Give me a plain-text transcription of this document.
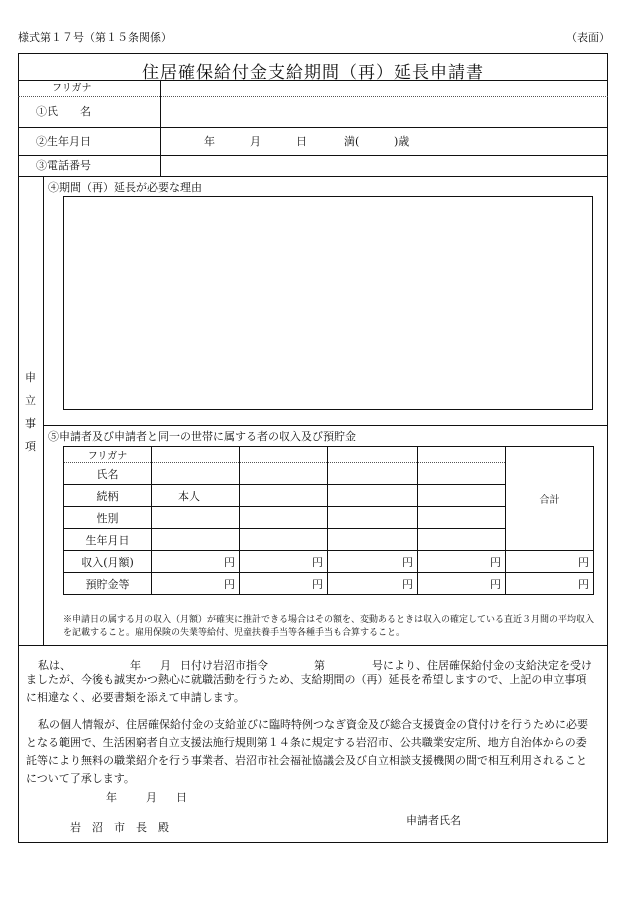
様式第１７号（第１５条関係）	（表面）
住居確保給付金支給期間（再）延長申請書
フリガナ
①氏　　名
②生年月日	年	月	日	満(	)歳
③電話番号
申
立
事
項
④期間（再）延長が必要な理由
⑤申請者及び申請者と同一の世帯に属する者の収入及び預貯金
フリガナ					合計
氏名					
続柄	本人				
性別					
生年月日					
収入(月額)	円	円	円	円	円
預貯金等	円	円	円	円	円
※申請日の属する月の収入（月額）が確実に推計できる場合はその額を、変動あるときは収入の確定している直近３月間の平均収入を記載すること。雇用保険の失業等給付、児童扶養手当等各種手当も合算すること。
私は、	年 月 日付け岩沼市指令	第	号により、住居確保給付金の支給決定を受け
ましたが、今後も誠実かつ熱心に就職活動を行うため、支給期間の（再）延長を希望しますので、上記の申立事項に相違なく、必要書類を添えて申請します。
私の個人情報が、住居確保給付金の支給並びに臨時特例つなぎ資金及び総合支援資金の貸付けを行うために必要となる範囲で、生活困窮者自立支援法施行規則第１４条に規定する岩沼市、公共職業安定所、地方自治体からの委託等により無料の職業紹介を行う事業者、岩沼市社会福祉協議会及び自立相談支援機関の間で相互利用されることについて了承します。
年	月 日
岩　沼　市　長　殿
申請者氏名
